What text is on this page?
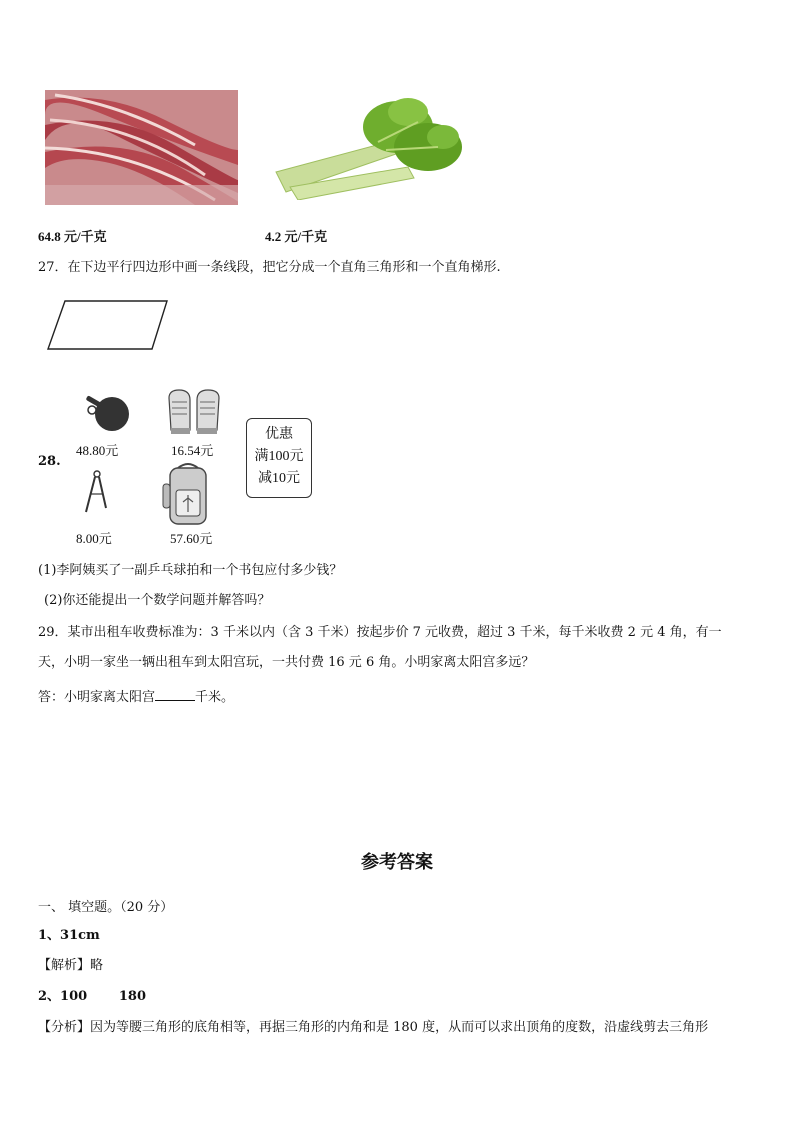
64.8 元/千克	4.2 元/千克
27．在下边平行四边形中画一条线段，把它分成一个直角三角形和一个直角梯形.
28.
48.80元	16.54元
8.00元	57.60元
优惠
满100元
减10元
(1)李阿姨买了一副乒乓球拍和一个书包应付多少钱？
(2)你还能提出一个数学问题并解答吗？
29．某市出租车收费标准为：3 千米以内（含 3 千米）按起步价 7 元收费，超过 3 千米，每千米收费 2 元 4 角，有一
天，小明一家坐一辆出租车到太阳宫玩，一共付费 16 元 6 角。小明家离太阳宫多远？
答：小明家离太阳宫	千米。
参考答案
一、 填空题。（20 分）
1、31cm
【解析】略
2、100       180
【分析】因为等腰三角形的底角相等，再据三角形的内角和是 180 度，从而可以求出顶角的度数，沿虚线剪去三角形
